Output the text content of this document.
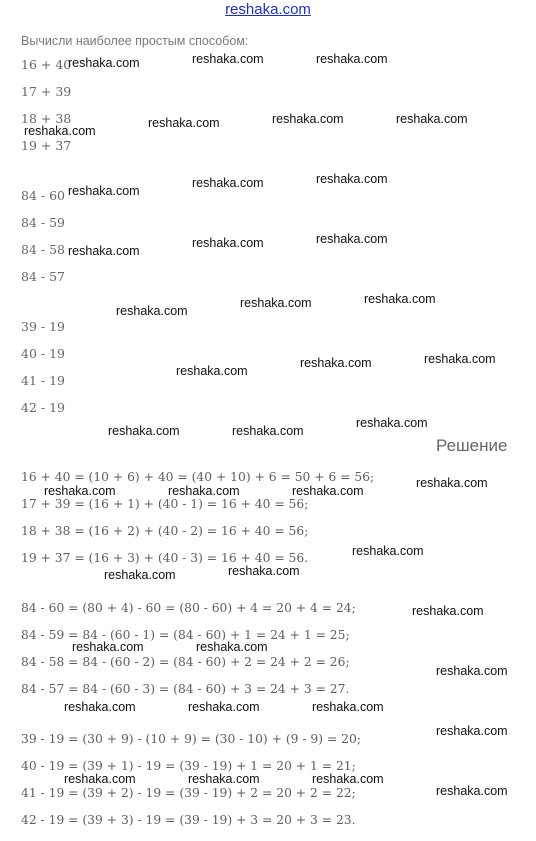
reshaka.com
Вычисли наиболее простым способом:
16 + 40
17 + 39
18 + 38
19 + 37
84 - 60
84 - 59
84 - 58
84 - 57
39 - 19
40 - 19
41 - 19
42 - 19
Решение
16 + 40 = (10 + 6) + 40 = (40 + 10) + 6 = 50 + 6 = 56;
17 + 39 = (16 + 1) + (40 - 1) = 16 + 40 = 56;
18 + 38 = (16 + 2) + (40 - 2) = 16 + 40 = 56;
19 + 37 = (16 + 3) + (40 - 3) = 16 + 40 = 56.
84 - 60 = (80 + 4) - 60 = (80 - 60) + 4 = 20 + 4 = 24;
84 - 59 = 84 - (60 - 1) = (84 - 60) + 1 = 24 + 1 = 25;
84 - 58 = 84 - (60 - 2) = (84 - 60) + 2 = 24 + 2 = 26;
84 - 57 = 84 - (60 - 3) = (84 - 60) + 3 = 24 + 3 = 27.
39 - 19 = (30 + 9) - (10 + 9) = (30 - 10) + (9 - 9) = 20;
40 - 19 = (39 + 1) - 19 = (39 - 19) + 1 = 20 + 1 = 21;
41 - 19 = (39 + 2) - 19 = (39 - 19) + 2 = 20 + 2 = 22;
42 - 19 = (39 + 3) - 19 = (39 - 19) + 3 = 20 + 3 = 23.
reshaka.com	reshaka.com	reshaka.com
reshaka.com
reshaka.com	reshaka.com	reshaka.com
reshaka.com
reshaka.com	reshaka.com
reshaka.com
reshaka.com	reshaka.com
reshaka.com
reshaka.com	reshaka.com
reshaka.com
reshaka.com	reshaka.com
reshaka.com	reshaka.com
reshaka.com
reshaka.com	reshaka.com	reshaka.com
reshaka.com
reshaka.com
reshaka.com	reshaka.com
reshaka.com
reshaka.com	reshaka.com
reshaka.com
reshaka.com	reshaka.com	reshaka.com
reshaka.com
reshaka.com	reshaka.com	reshaka.com
reshaka.com
